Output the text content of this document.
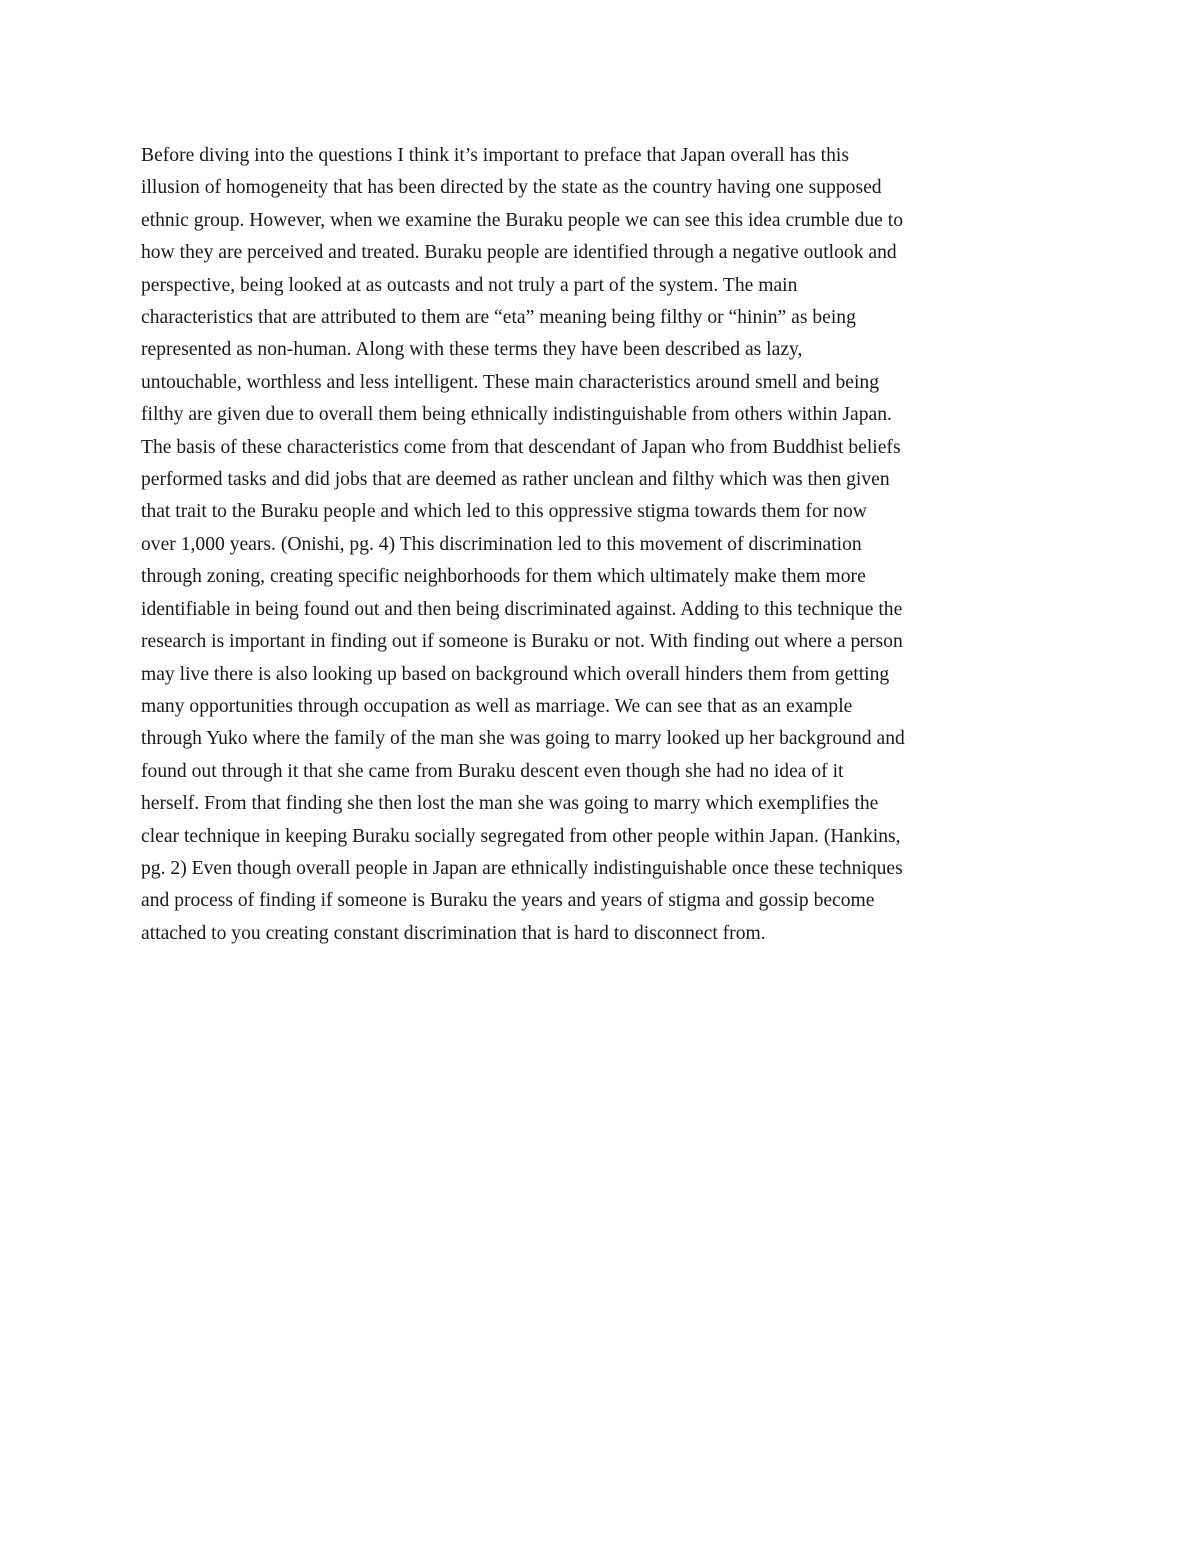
Before diving into the questions I think it’s important to preface that Japan overall has this
illusion of homogeneity that has been directed by the state as the country having one supposed
ethnic group. However, when we examine the Buraku people we can see this idea crumble due to
how they are perceived and treated. Buraku people are identified through a negative outlook and
perspective, being looked at as outcasts and not truly a part of the system. The main
characteristics that are attributed to them are “eta” meaning being filthy or “hinin” as being
represented as non-human. Along with these terms they have been described as lazy,
untouchable, worthless and less intelligent. These main characteristics around smell and being
filthy are given due to overall them being ethnically indistinguishable from others within Japan.
The basis of these characteristics come from that descendant of Japan who from Buddhist beliefs
performed tasks and did jobs that are deemed as rather unclean and filthy which was then given
that trait to the Buraku people and which led to this oppressive stigma towards them for now
over 1,000 years. (Onishi, pg. 4) This discrimination led to this movement of discrimination
through zoning, creating specific neighborhoods for them which ultimately make them more
identifiable in being found out and then being discriminated against. Adding to this technique the
research is important in finding out if someone is Buraku or not. With finding out where a person
may live there is also looking up based on background which overall hinders them from getting
many opportunities through occupation as well as marriage. We can see that as an example
through Yuko where the family of the man she was going to marry looked up her background and
found out through it that she came from Buraku descent even though she had no idea of it
herself. From that finding she then lost the man she was going to marry which exemplifies the
clear technique in keeping Buraku socially segregated from other people within Japan. (Hankins,
pg. 2) Even though overall people in Japan are ethnically indistinguishable once these techniques
and process of finding if someone is Buraku the years and years of stigma and gossip become
attached to you creating constant discrimination that is hard to disconnect from.
